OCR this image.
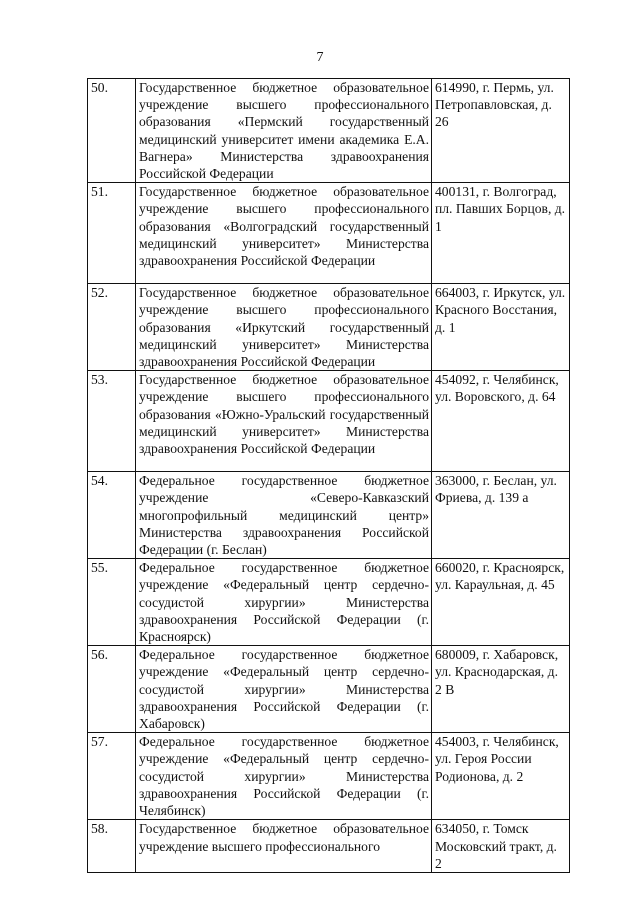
7
50.	Государственное бюджетное образовательное учреждение высшего профессионального образования «Пермский государственный медицинский университет имени академика Е.А. Вагнера» Министерства здравоохранения Российской Федерации	614990, г. Пермь, ул. Петропавловская, д. 26
51.	Государственное бюджетное образовательное учреждение высшего профессионального образования «Волгоградский государственный медицинский университет» Министерства здравоохранения Российской Федерации	400131, г. Волгоград, пл. Павших Борцов, д. 1
52.	Государственное бюджетное образовательное учреждение высшего профессионального образования «Иркутский государственный медицинский университет» Министерства здравоохранения Российской Федерации	664003, г. Иркутск, ул. Красного Восстания, д. 1
53.	Государственное бюджетное образовательное учреждение высшего профессионального образования «Южно-Уральский государственный медицинский университет» Министерства здравоохранения Российской Федерации	454092, г. Челябинск, ул. Воровского, д. 64
54.	Федеральное государственное бюджетное учреждение «Северо-Кавказский многопрофильный медицинский центр» Министерства здравоохранения Российской Федерации (г. Беслан)	363000, г. Беслан, ул. Фриева, д. 139 а
55.	Федеральное государственное бюджетное учреждение «Федеральный центр сердечно-сосудистой хирургии» Министерства здравоохранения Российской Федерации (г. Красноярск)	660020, г. Красноярск, ул. Караульная, д. 45
56.	Федеральное государственное бюджетное учреждение «Федеральный центр сердечно-сосудистой хирургии» Министерства здравоохранения Российской Федерации (г. Хабаровск)	680009, г. Хабаровск, ул. Краснодарская, д. 2 В
57.	Федеральное государственное бюджетное учреждение «Федеральный центр сердечно-сосудистой хирургии» Министерства здравоохранения Российской Федерации (г. Челябинск)	454003, г. Челябинск, ул. Героя России Родионова, д. 2
58.	Государственное бюджетное образовательное учреждение высшего профессионального	634050, г. Томск Московский тракт, д. 2
